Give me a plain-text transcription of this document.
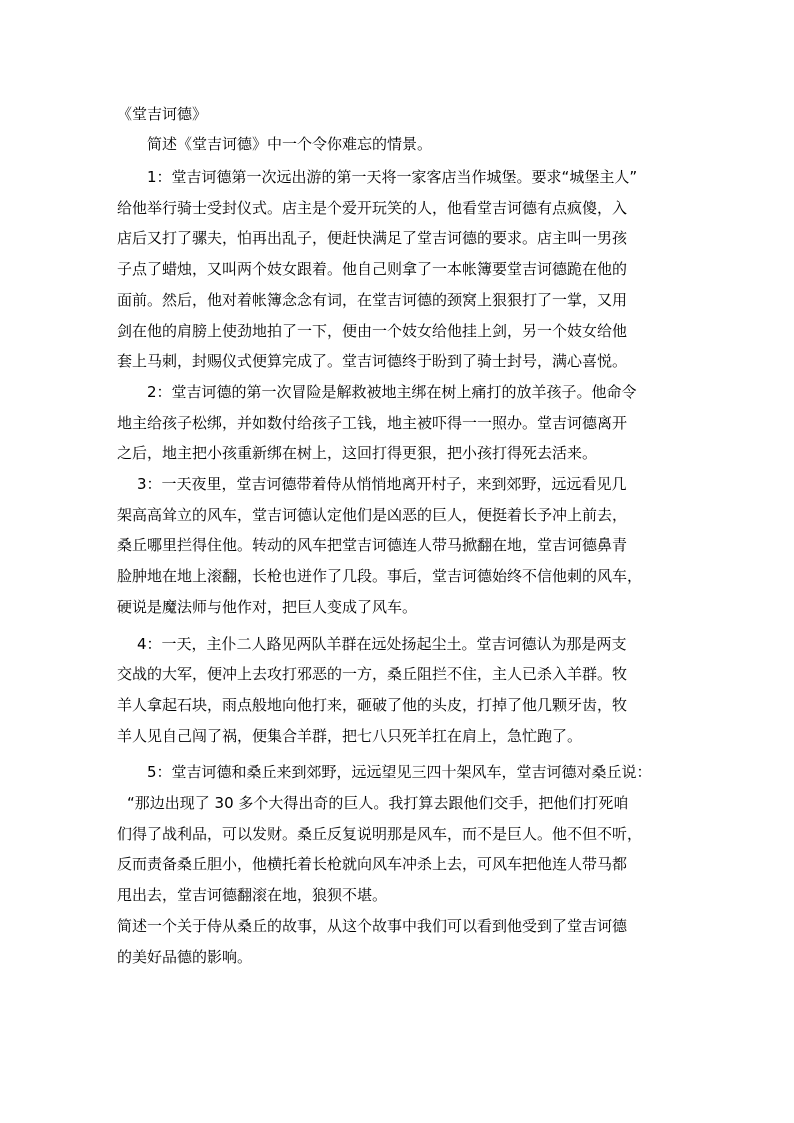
《堂吉诃德》

简述《堂吉诃德》中一个令你难忘的情景。

1：堂吉诃德第一次远出游的第一天将一家客店当作城堡。要求“城堡主人”
给他举行骑士受封仪式。店主是个爱开玩笑的人，他看堂吉诃德有点疯傻，入
店后又打了骡夫，怕再出乱子，便赶快满足了堂吉诃德的要求。店主叫一男孩
子点了蜡烛，又叫两个妓女跟着。他自己则拿了一本帐簿要堂吉诃德跪在他的
面前。然后，他对着帐簿念念有词，在堂吉诃德的颈窝上狠狠打了一掌，又用
剑在他的肩膀上使劲地拍了一下，便由一个妓女给他挂上剑，另一个妓女给他
套上马刺，封赐仪式便算完成了。堂吉诃德终于盼到了骑士封号，满心喜悦。
2：堂吉诃德的第一次冒险是解救被地主绑在树上痛打的放羊孩子。他命令
地主给孩子松绑，并如数付给孩子工钱，地主被吓得一一照办。堂吉诃德离开
之后，地主把小孩重新绑在树上，这回打得更狠，把小孩打得死去活来。
3：一天夜里，堂吉诃德带着侍从悄悄地离开村子，来到郊野，远远看见几
架高高耸立的风车，堂吉诃德认定他们是凶恶的巨人，便挺着长予冲上前去，
桑丘哪里拦得住他。转动的风车把堂吉诃德连人带马掀翻在地，堂吉诃德鼻青
脸肿地在地上滚翻，长枪也迸作了几段。事后，堂吉诃德始终不信他刺的风车，
硬说是魔法师与他作对，把巨人变成了风车。
4：一天，主仆二人路见两队羊群在远处扬起尘土。堂吉诃德认为那是两支
交战的大军，便冲上去攻打邪恶的一方，桑丘阻拦不住，主人已杀入羊群。牧
羊人拿起石块，雨点般地向他打来，砸破了他的头皮，打掉了他几颗牙齿，牧
羊人见自己闯了祸，便集合羊群，把七八只死羊扛在肩上，急忙跑了。
5：堂吉诃德和桑丘来到郊野，远远望见三四十架风车，堂吉诃德对桑丘说：
“那边出现了 30 多个大得出奇的巨人。我打算去跟他们交手，把他们打死咱
们得了战利品，可以发财。桑丘反复说明那是风车，而不是巨人。他不但不听，
反而责备桑丘胆小，他横托着长枪就向风车冲杀上去，可风车把他连人带马都
甩出去，堂吉诃德翻滚在地，狼狈不堪。
简述一个关于侍从桑丘的故事，从这个故事中我们可以看到他受到了堂吉诃德
的美好品德的影响。
